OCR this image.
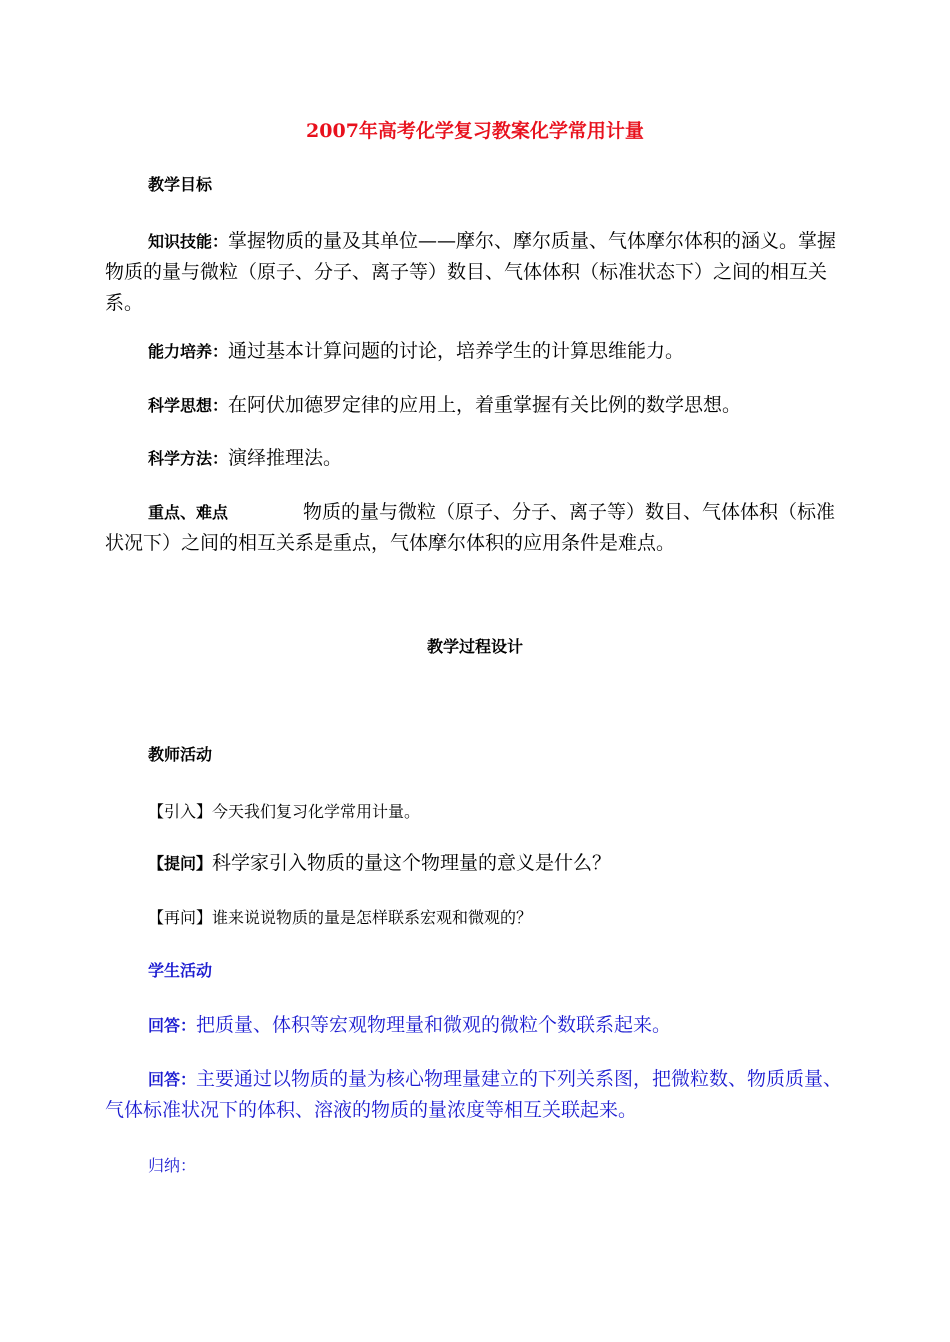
2007年高考化学复习教案化学常用计量
教学目标

知识技能：掌握物质的量及其单位——摩尔、摩尔质量、气体摩尔体积的涵义。掌握物质的量与微粒（原子、分子、离子等）数目、气体体积（标准状态下）之间的相互关系。

能力培养：通过基本计算问题的讨论，培养学生的计算思维能力。

科学思想：在阿伏加德罗定律的应用上，着重掌握有关比例的数学思想。

科学方法：演绎推理法。

重点、难点	物质的量与微粒（原子、分子、离子等）数目、气体体积（标准状况下）之间的相互关系是重点，气体摩尔体积的应用条件是难点。

教学过程设计
教师活动

【引入】今天我们复习化学常用计量。

【提问】科学家引入物质的量这个物理量的意义是什么？

【再问】谁来说说物质的量是怎样联系宏观和微观的？

学生活动

回答：把质量、体积等宏观物理量和微观的微粒个数联系起来。

回答：主要通过以物质的量为核心物理量建立的下列关系图，把微粒数、物质质量、气体标准状况下的体积、溶液的物质的量浓度等相互关联起来。

归纳：
